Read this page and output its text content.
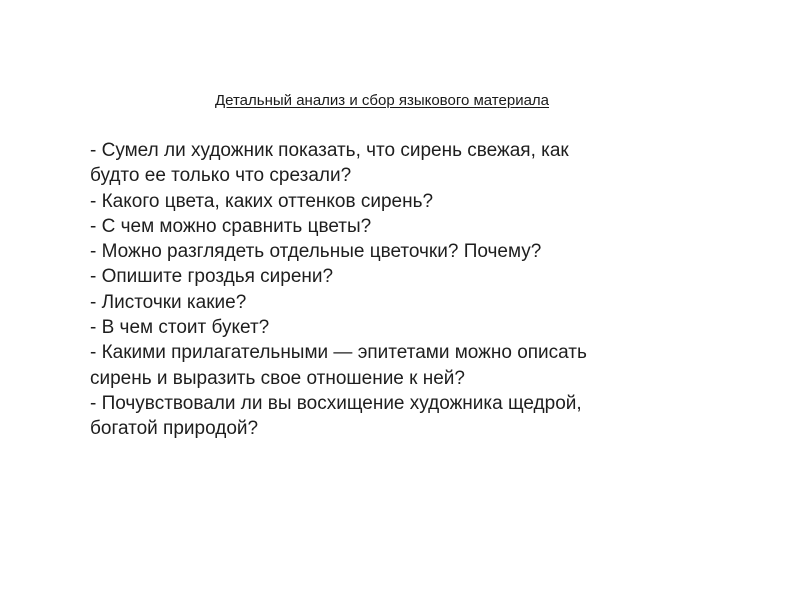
Детальный анализ и сбор языкового материала
- Сумел ли художник показать, что сирень свежая, как
будто ее только что срезали?
- Какого цвета, каких оттенков сирень?
- С чем можно сравнить цветы?
- Можно разглядеть отдельные цветочки? Почему?
- Опишите гроздья сирени?
- Листочки какие?
- В чем стоит букет?
- Какими прилагательными — эпитетами можно описать
сирень и выразить свое отношение к ней?
- Почувствовали ли вы восхищение художника щедрой,
богатой природой?
